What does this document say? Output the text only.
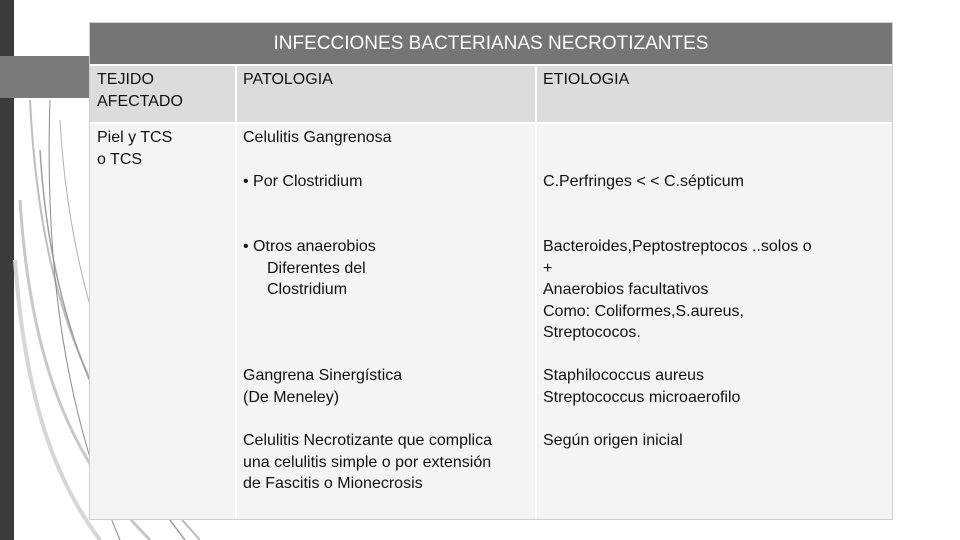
INFECCIONES BACTERIANAS NECROTIZANTES
TEJIDO
AFECTADO
PATOLOGIA	ETIOLOGIA
Piel y TCS
o TCS
Celulitis Gangrenosa
• Por Clostridium
• Otros anaerobios
Diferentes del
Clostridium
Gangrena Sinergística
(De Meneley)
Celulitis Necrotizante que complica
una celulitis simple o por extensión
de Fascitis o Mionecrosis
C.Perfringes < < C.sépticum
Bacteroides,Peptostreptocos ..solos o
+
Anaerobios facultativos
Como: Coliformes,S.aureus,
Streptococos.
Staphilococcus aureus
Streptococcus microaerofilo
Según origen inicial
